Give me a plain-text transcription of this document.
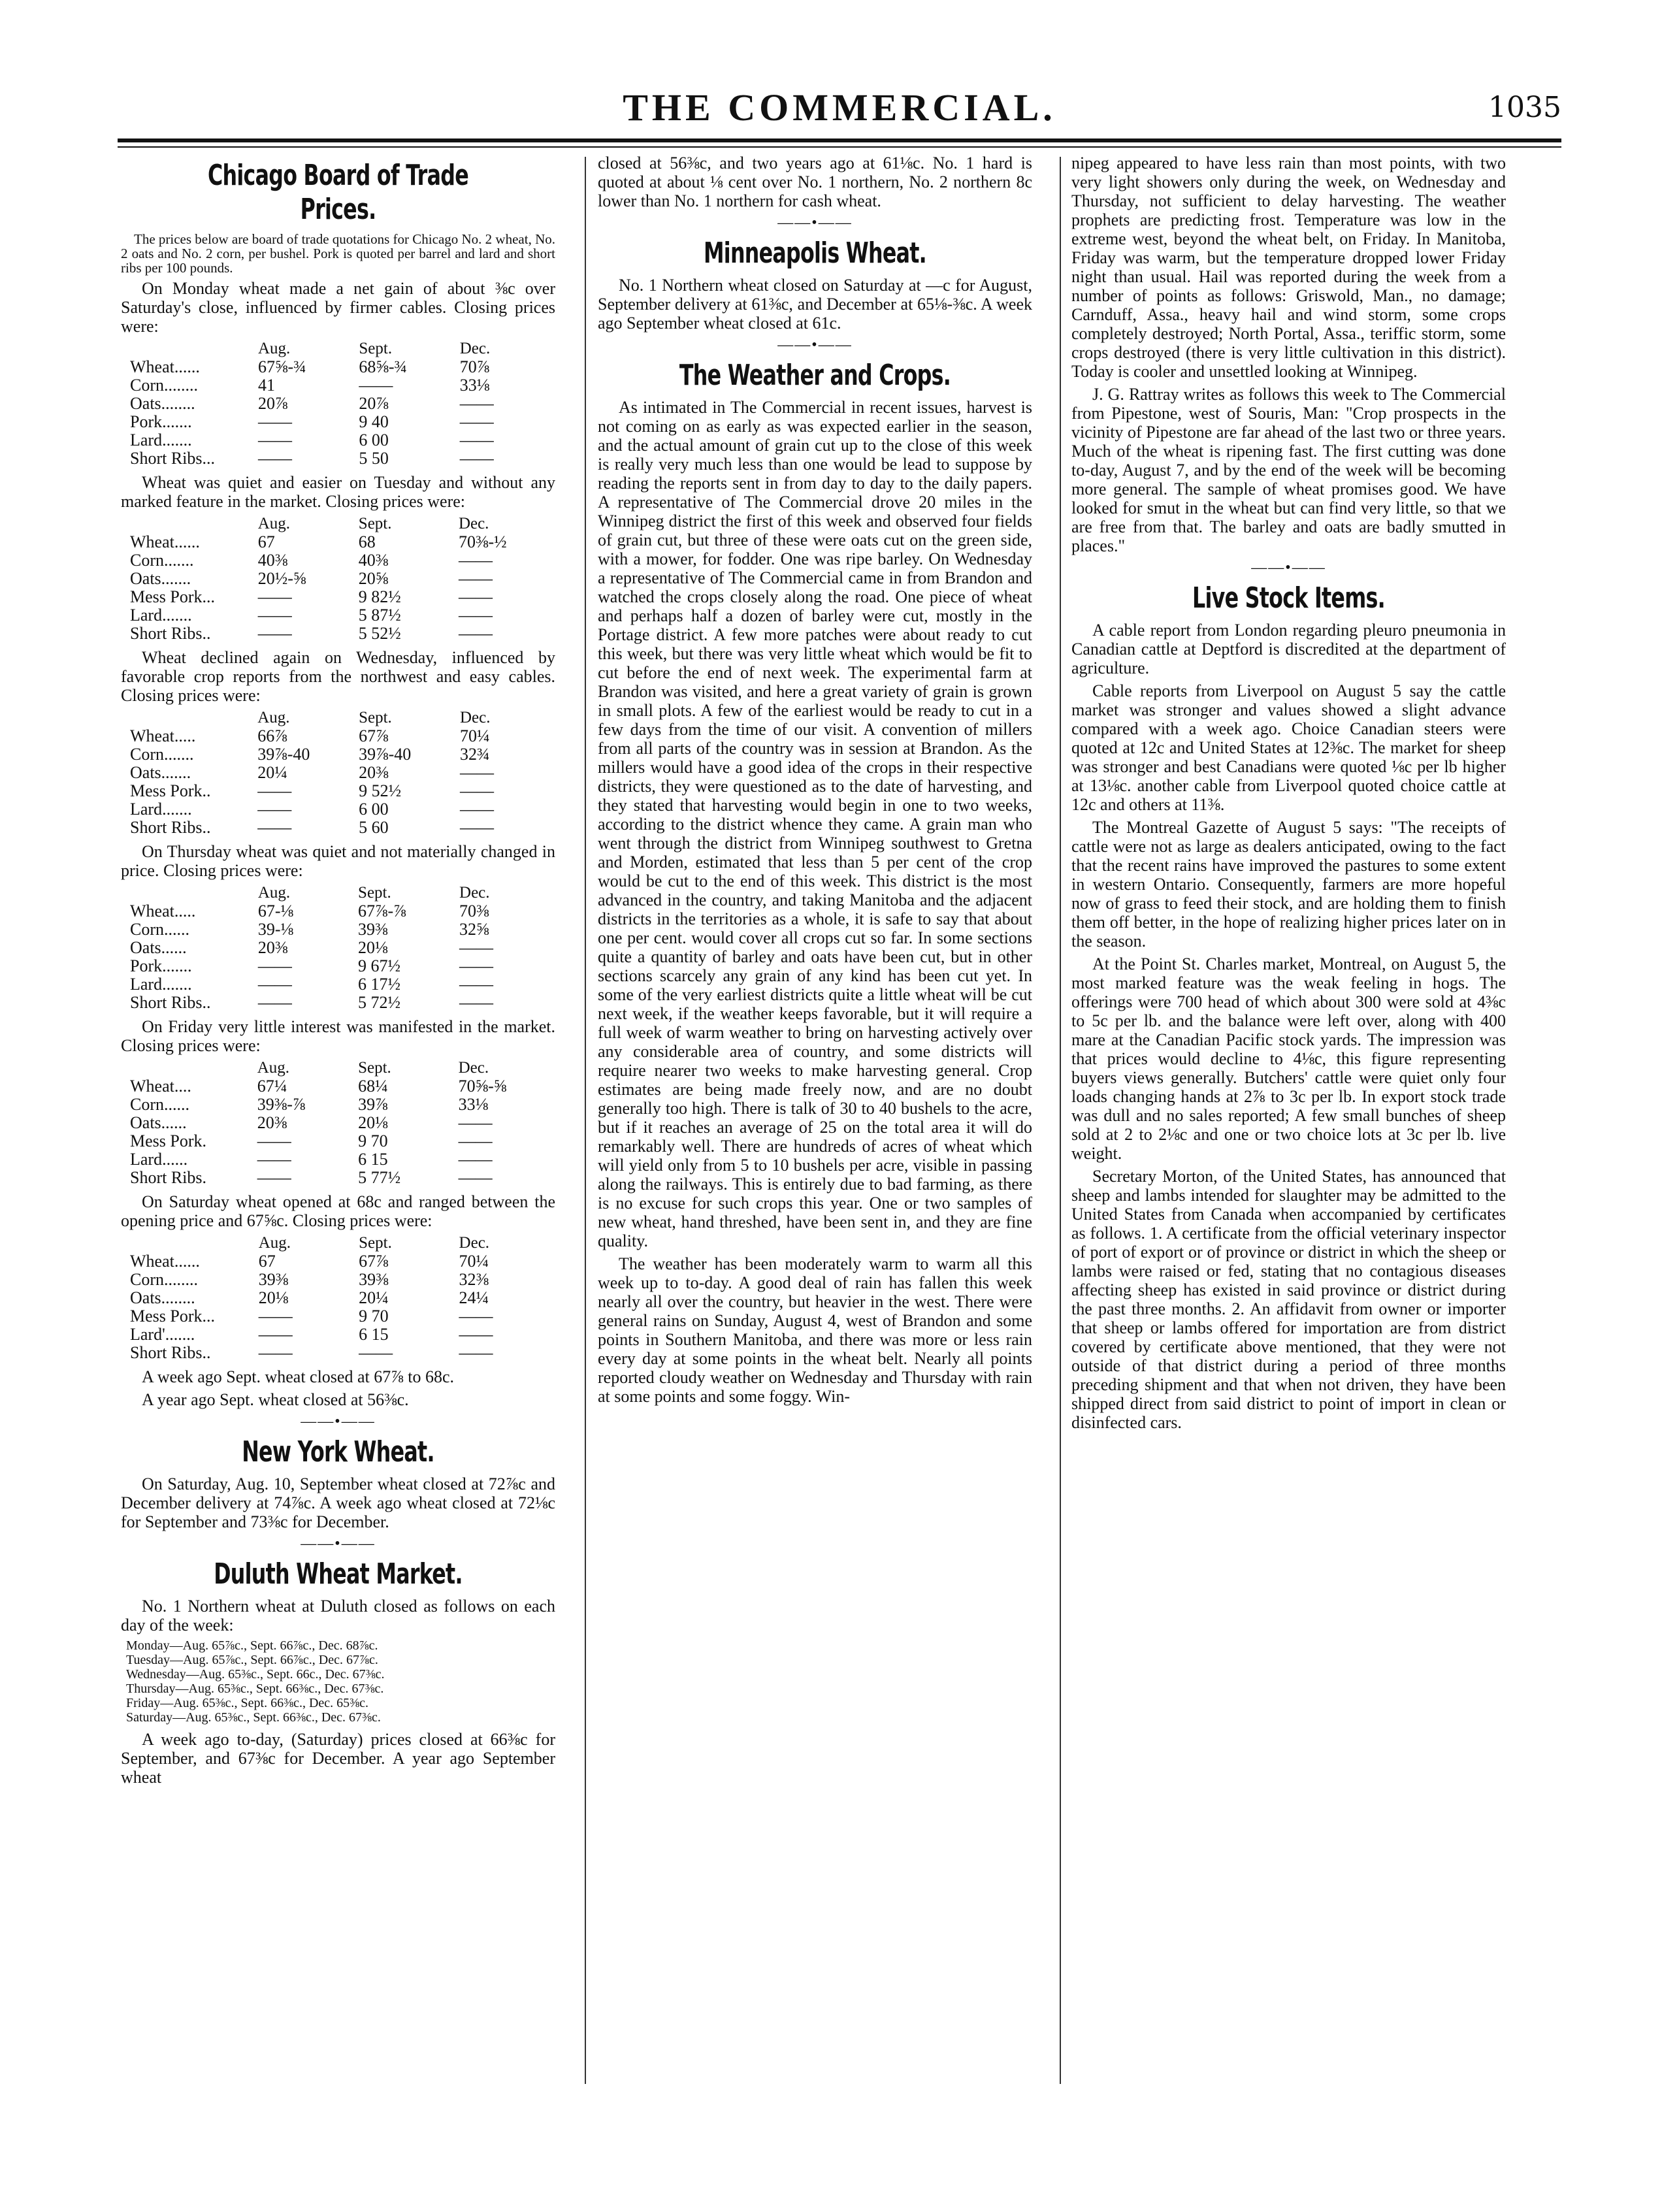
THE COMMERCIAL.	1035
Chicago Board of Trade Prices.

The prices below are board of trade quotations for Chicago No. 2 wheat, No. 2 oats and No. 2 corn, per bushel. Pork is quoted per barrel and lard and short ribs per 100 pounds.

On Monday wheat made a net gain of about ⅜c over Saturday's close, influenced by firmer cables. Closing prices were:

	Aug.	Sept.	Dec.
Wheat......	67⅝-¾	68⅝-¾	70⅞
Corn........	41	——	33⅛
Oats........	20⅞	20⅞	——
Pork.......	——	9 40	——
Lard.......	——	6 00	——
Short Ribs...	——	5 50	——

Wheat was quiet and easier on Tuesday and without any marked feature in the market. Closing prices were:

	Aug.	Sept.	Dec.
Wheat......	67	68	70⅜-½
Corn.......	40⅜	40⅜	——
Oats.......	20½-⅝	20⅝	——
Mess Pork...	——	9 82½	——
Lard.......	——	5 87½	——
Short Ribs..	——	5 52½	——

Wheat declined again on Wednesday, influenced by favorable crop reports from the northwest and easy cables. Closing prices were:

	Aug.	Sept.	Dec.
Wheat.....	66⅞	67⅞	70¼
Corn.......	39⅞-40	39⅞-40	32¾
Oats.......	20¼	20⅜	——
Mess Pork..	——	9 52½	——
Lard.......	——	6 00	——
Short Ribs..	——	5 60	——

On Thursday wheat was quiet and not materially changed in price. Closing prices were:

	Aug.	Sept.	Dec.
Wheat.....	67-⅛	67⅞-⅞	70⅜
Corn......	39-⅛	39⅜	32⅝
Oats......	20⅜	20⅛	——
Pork.......	——	9 67½	——
Lard.......	——	6 17½	——
Short Ribs..	——	5 72½	——

On Friday very little interest was manifested in the market. Closing prices were:

	Aug.	Sept.	Dec.
Wheat....	67¼	68¼	70⅝-⅝
Corn......	39⅜-⅞	39⅞	33⅛
Oats......	20⅜	20⅛	——
Mess Pork.	——	9 70	——
Lard......	——	6 15	——
Short Ribs.	——	5 77½	——

On Saturday wheat opened at 68c and ranged between the opening price and 67⅝c. Closing prices were:

	Aug.	Sept.	Dec.
Wheat......	67	67⅞	70¼
Corn........	39⅜	39⅜	32⅜
Oats........	20⅛	20¼	24¼
Mess Pork...	——	9 70	——
Lard'.......	——	6 15	——
Short Ribs..	——	——	——

A week ago Sept. wheat closed at 67⅞ to 68c.

A year ago Sept. wheat closed at 56⅜c.

——•——
New York Wheat.

On Saturday, Aug. 10, September wheat closed at 72⅞c and December delivery at 74⅞c. A week ago wheat closed at 72⅛c for September and 73⅜c for December.

——•——
Duluth Wheat Market.

No. 1 Northern wheat at Duluth closed as follows on each day of the week:

Monday—Aug. 65⅞c., Sept. 66⅞c., Dec. 68⅞c.
Tuesday—Aug. 65⅞c., Sept. 66⅞c., Dec. 67⅞c.
Wednesday—Aug. 65⅜c., Sept. 66c., Dec. 67⅜c.
Thursday—Aug. 65⅜c., Sept. 66⅜c., Dec. 67⅜c.
Friday—Aug. 65⅜c., Sept. 66⅜c., Dec. 65⅜c.
Saturday—Aug. 65⅜c., Sept. 66⅜c., Dec. 67⅜c.

A week ago to-day, (Saturday) prices closed at 66⅜c for September, and 67⅜c for December. A year ago September wheat

closed at 56⅜c, and two years ago at 61⅛c. No. 1 hard is quoted at about ⅛ cent over No. 1 northern, No. 2 northern 8c lower than No. 1 northern for cash wheat.

——•——
Minneapolis Wheat.

No. 1 Northern wheat closed on Saturday at —c for August, September delivery at 61⅜c, and December at 65⅛-⅜c. A week ago September wheat closed at 61c.

——•——
The Weather and Crops.

As intimated in The Commercial in recent issues, harvest is not coming on as early as was expected earlier in the season, and the actual amount of grain cut up to the close of this week is really very much less than one would be lead to suppose by reading the reports sent in from day to day to the daily papers. A representative of The Commercial drove 20 miles in the Winnipeg district the first of this week and observed four fields of grain cut, but three of these were oats cut on the green side, with a mower, for fodder. One was ripe barley. On Wednesday a representative of The Commercial came in from Brandon and watched the crops closely along the road. One piece of wheat and perhaps half a dozen of barley were cut, mostly in the Portage district. A few more patches were about ready to cut this week, but there was very little wheat which would be fit to cut before the end of next week. The experimental farm at Brandon was visited, and here a great variety of grain is grown in small plots. A few of the earliest would be ready to cut in a few days from the time of our visit. A convention of millers from all parts of the country was in session at Brandon. As the millers would have a good idea of the crops in their respective districts, they were questioned as to the date of harvesting, and they stated that harvesting would begin in one to two weeks, according to the district whence they came. A grain man who went through the district from Winnipeg southwest to Gretna and Morden, estimated that less than 5 per cent of the crop would be cut to the end of this week. This district is the most advanced in the country, and taking Manitoba and the adjacent districts in the territories as a whole, it is safe to say that about one per cent. would cover all crops cut so far. In some sections quite a quantity of barley and oats have been cut, but in other sections scarcely any grain of any kind has been cut yet. In some of the very earliest districts quite a little wheat will be cut next week, if the weather keeps favorable, but it will require a full week of warm weather to bring on harvesting actively over any considerable area of country, and some districts will require nearer two weeks to make harvesting general. Crop estimates are being made freely now, and are no doubt generally too high. There is talk of 30 to 40 bushels to the acre, but if it reaches an average of 25 on the total area it will do remarkably well. There are hundreds of acres of wheat which will yield only from 5 to 10 bushels per acre, visible in passing along the railways. This is entirely due to bad farming, as there is no excuse for such crops this year. One or two samples of new wheat, hand threshed, have been sent in, and they are fine quality.

The weather has been moderately warm to warm all this week up to to-day. A good deal of rain has fallen this week nearly all over the country, but heavier in the west. There were general rains on Sunday, August 4, west of Brandon and some points in Southern Manitoba, and there was more or less rain every day at some points in the wheat belt. Nearly all points reported cloudy weather on Wednesday and Thursday with rain at some points and some foggy. Win-

nipeg appeared to have less rain than most points, with two very light showers only during the week, on Wednesday and Thursday, not sufficient to delay harvesting. The weather prophets are predicting frost. Temperature was low in the extreme west, beyond the wheat belt, on Friday. In Manitoba, Friday was warm, but the temperature dropped lower Friday night than usual. Hail was reported during the week from a number of points as follows: Griswold, Man., no damage; Carnduff, Assa., heavy hail and wind storm, some crops completely destroyed; North Portal, Assa., teriffic storm, some crops destroyed (there is very little cultivation in this district). Today is cooler and unsettled looking at Winnipeg.

J. G. Rattray writes as follows this week to The Commercial from Pipestone, west of Souris, Man: "Crop prospects in the vicinity of Pipestone are far ahead of the last two or three years. Much of the wheat is ripening fast. The first cutting was done to-day, August 7, and by the end of the week will be becoming more general. The sample of wheat promises good. We have looked for smut in the wheat but can find very little, so that we are free from that. The barley and oats are badly smutted in places."

——•——
Live Stock Items.

A cable report from London regarding pleuro pneumonia in Canadian cattle at Deptford is discredited at the department of agriculture.

Cable reports from Liverpool on August 5 say the cattle market was stronger and values showed a slight advance compared with a week ago. Choice Canadian steers were quoted at 12c and United States at 12⅜c. The market for sheep was stronger and best Canadians were quoted ⅛c per lb higher at 13⅛c. another cable from Liverpool quoted choice cattle at 12c and others at 11⅜.

The Montreal Gazette of August 5 says: "The receipts of cattle were not as large as dealers anticipated, owing to the fact that the recent rains have improved the pastures to some extent in western Ontario. Consequently, farmers are more hopeful now of grass to feed their stock, and are holding them to finish them off better, in the hope of realizing higher prices later on in the season.

At the Point St. Charles market, Montreal, on August 5, the most marked feature was the weak feeling in hogs. The offerings were 700 head of which about 300 were sold at 4⅜c to 5c per lb. and the balance were left over, along with 400 mare at the Canadian Pacific stock yards. The impression was that prices would decline to 4⅛c, this figure representing buyers views generally. Butchers' cattle were quiet only four loads changing hands at 2⅞ to 3c per lb. In export stock trade was dull and no sales reported; A few small bunches of sheep sold at 2 to 2⅛c and one or two choice lots at 3c per lb. live weight.

Secretary Morton, of the United States, has announced that sheep and lambs intended for slaughter may be admitted to the United States from Canada when accompanied by certificates as follows. 1. A certificate from the official veterinary inspector of port of export or of province or district in which the sheep or lambs were raised or fed, stating that no contagious diseases affecting sheep has existed in said province or district during the past three months. 2. An affidavit from owner or importer that sheep or lambs offered for importation are from district covered by certificate above mentioned, that they were not outside of that district during a period of three months preceding shipment and that when not driven, they have been shipped direct from said district to point of import in clean or disinfected cars.
